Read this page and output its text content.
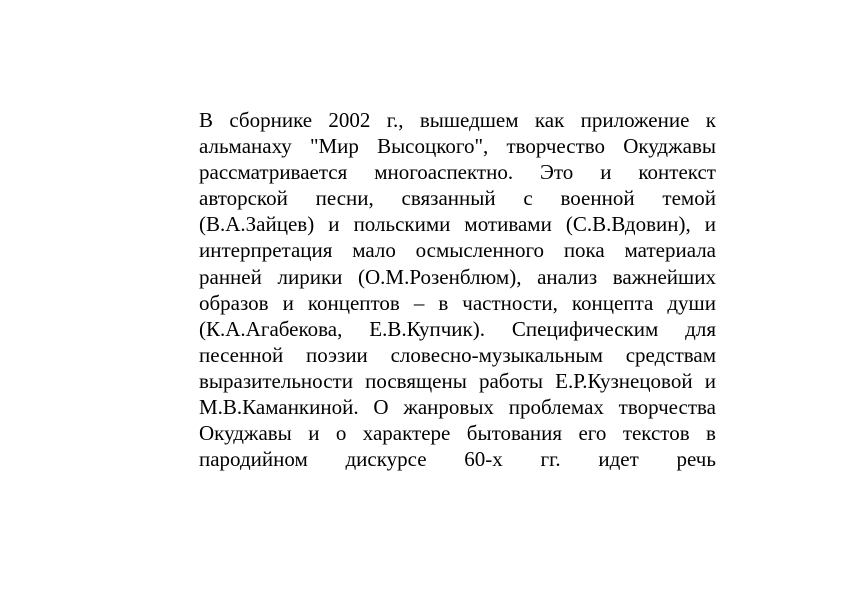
В сборнике 2002 г., вышедшем как приложение к
альманаху "Мир Высоцкого", творчество Окуджавы
рассматривается многоаспектно. Это и контекст
авторской песни, связанный с военной темой
(В.А.Зайцев) и польскими мотивами (С.В.Вдовин), и
интерпретация мало осмысленного пока материала
ранней лирики (О.М.Розенблюм), анализ важнейших
образов и концептов – в частности, концепта души
(К.А.Агабекова, Е.В.Купчик). Специфическим для
песенной поэзии словесно-музыкальным средствам
выразительности посвящены работы Е.Р.Кузнецовой и
М.В.Каманкиной. О жанровых проблемах творчества
Окуджавы и о характере бытования его текстов в
пародийном дискурсе 60-х гг. идет речь
